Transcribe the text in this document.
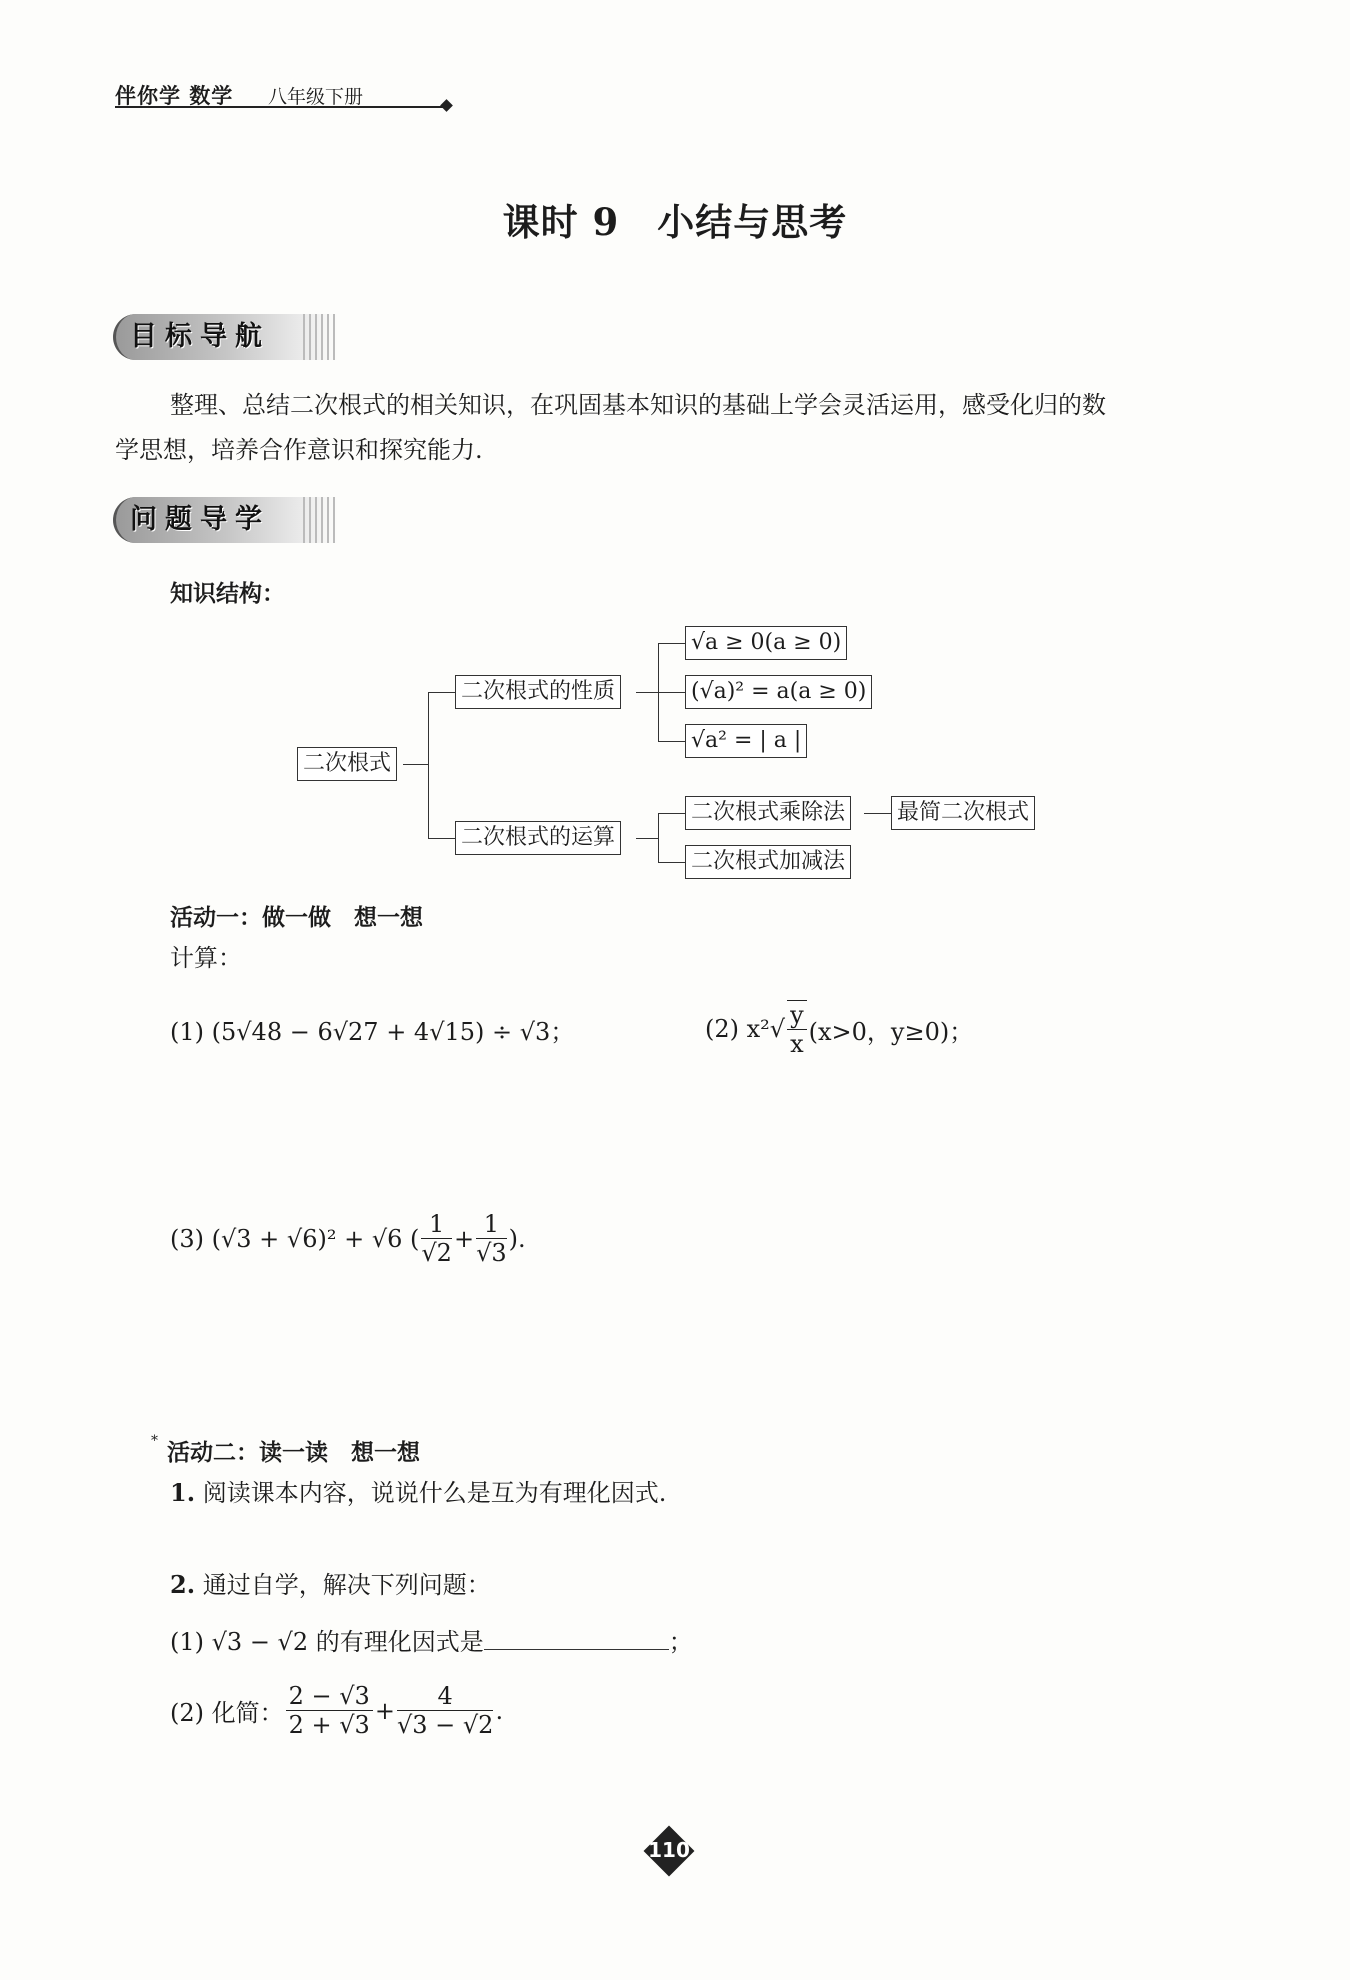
伴你学 数学 八年级下册
课时 9　小结与思考
目标导航
整理、总结二次根式的相关知识，在巩固基本知识的基础上学会灵活运用，感受化归的数
学思想，培养合作意识和探究能力.
问题导学
知识结构：
二次根式
二次根式的性质
√a ≥ 0(a ≥ 0)
(√a)² = a(a ≥ 0)
√a² = | a |
二次根式的运算
二次根式乘除法 最简二次根式
二次根式加减法
活动一：做一做　想一想
计算：
(1) (5√48 − 6√27 + 4√15) ÷ √3；	(2) $x^2√ \frac{y}{x} (x>0$，y≥0)；
(3) (√3 + √6)² + √6 ( $\frac{1}{√2} + \frac{1}{√3}$ ).
* 活动二：读一读　想一想
1. 阅读课本内容，说说什么是互为有理化因式.
2. 通过自学，解决下列问题：
(1) √3 − √2 的有理化因式是	；
(2) 化简： $\frac{2 - √3}{2 + √3} + \frac{4}{√3 - √2}$ .
110
